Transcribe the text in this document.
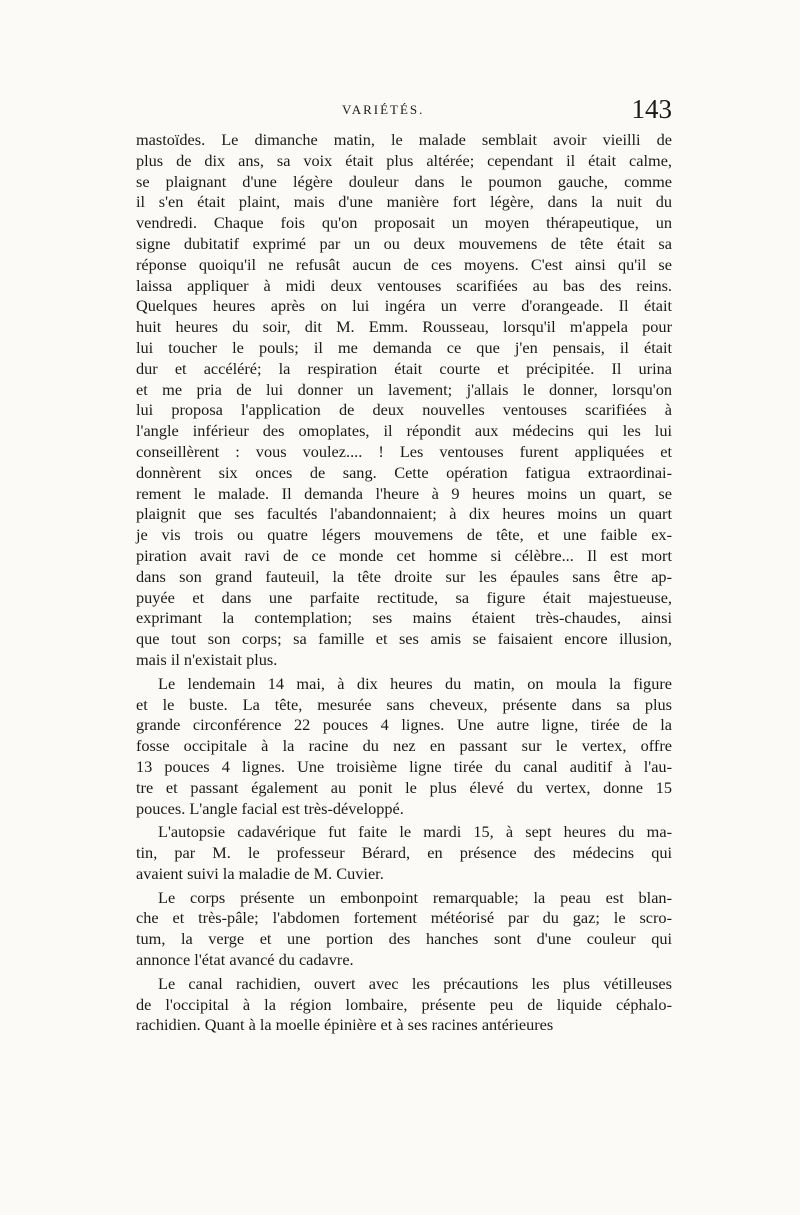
VARIÉTÉS.	143
mastoïdes. Le dimanche matin, le malade semblait avoir vieilli de
plus de dix ans, sa voix était plus altérée; cependant il était calme,
se plaignant d'une légère douleur dans le poumon gauche, comme
il s'en était plaint, mais d'une manière fort légère, dans la nuit du
vendredi. Chaque fois qu'on proposait un moyen thérapeutique, un
signe dubitatif exprimé par un ou deux mouvemens de tête était sa
réponse quoiqu'il ne refusât aucun de ces moyens. C'est ainsi qu'il se
laissa appliquer à midi deux ventouses scarifiées au bas des reins.
Quelques heures après on lui ingéra un verre d'orangeade. Il était
huit heures du soir, dit M. Emm. Rousseau, lorsqu'il m'appela pour
lui toucher le pouls; il me demanda ce que j'en pensais, il était
dur et accéléré; la respiration était courte et précipitée. Il urina
et me pria de lui donner un lavement; j'allais le donner, lorsqu'on
lui proposa l'application de deux nouvelles ventouses scarifiées à
l'angle inférieur des omoplates, il répondit aux médecins qui les lui
conseillèrent : vous voulez.... ! Les ventouses furent appliquées et
donnèrent six onces de sang. Cette opération fatigua extraordinai-
rement le malade. Il demanda l'heure à 9 heures moins un quart, se
plaignit que ses facultés l'abandonnaient; à dix heures moins un quart
je vis trois ou quatre légers mouvemens de tête, et une faible ex-
piration avait ravi de ce monde cet homme si célèbre... Il est mort
dans son grand fauteuil, la tête droite sur les épaules sans être ap-
puyée et dans une parfaite rectitude, sa figure était majestueuse,
exprimant la contemplation; ses mains étaient très-chaudes, ainsi
que tout son corps; sa famille et ses amis se faisaient encore illusion,
mais il n'existait plus.
Le lendemain 14 mai, à dix heures du matin, on moula la figure
et le buste. La tête, mesurée sans cheveux, présente dans sa plus
grande circonférence 22 pouces 4 lignes. Une autre ligne, tirée de la
fosse occipitale à la racine du nez en passant sur le vertex, offre
13 pouces 4 lignes. Une troisième ligne tirée du canal auditif à l'au-
tre et passant également au ponit le plus élevé du vertex, donne 15
pouces. L'angle facial est très-développé.
L'autopsie cadavérique fut faite le mardi 15, à sept heures du ma-
tin, par M. le professeur Bérard, en présence des médecins qui
avaient suivi la maladie de M. Cuvier.
Le corps présente un embonpoint remarquable; la peau est blan-
che et très-pâle; l'abdomen fortement météorisé par du gaz; le scro-
tum, la verge et une portion des hanches sont d'une couleur qui
annonce l'état avancé du cadavre.
Le canal rachidien, ouvert avec les précautions les plus vétilleuses
de l'occipital à la région lombaire, présente peu de liquide céphalo-
rachidien. Quant à la moelle épinière et à ses racines antérieures
